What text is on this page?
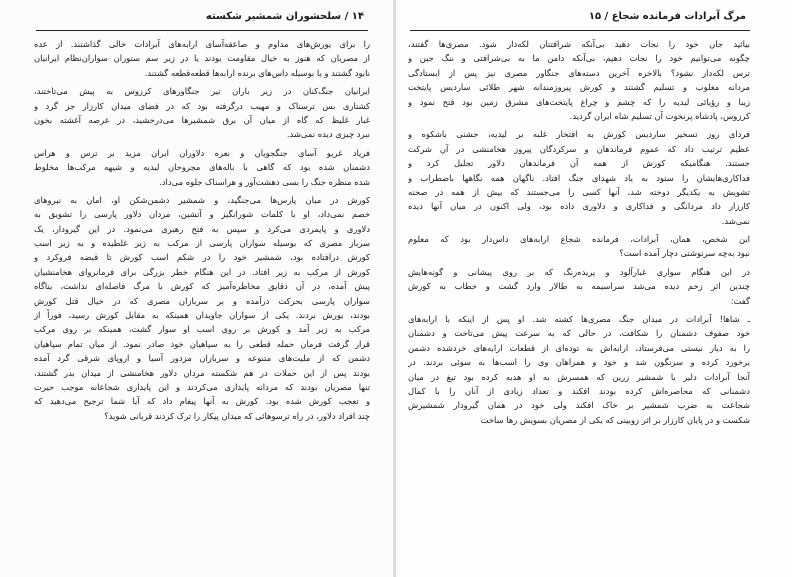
۱۴ / سلحشوران شمشیر شکسته
را برای یورش‌های مداوم و صاعقه‌آسای ارابه‌های آبرادات خالی گذاشتند. از عده
از مصریان که هنوز به خیال مقاومت بودند یا در زیر سم ستوران سواران‌نظام ایرانیان
نابود گشتند و یا بوسیله داس‌های برنده ارابه‌ها قطعه‌قطعه گشتند.
ایرانیان جنگ‌کنان در زیر باران تیر جنگاورهای کرزوس به پیش می‌تاختند،
کشتاری بس ترسناک و مهیب درگرفته بود که در فضای میدان کارزار جز گرد و
غبار غلیظ که گاه از میان آن برق شمشیرها می‌درخشید، در عرصه آغشته بخون
نبرد چیزی دیده نمی‌شد.
فریاد غریو آسای جنگجویان و نعره دلاوران ایران مزید بر ترس و هراس
دشمنان شده بود که گاهی با ناله‌های مجروحان لیدیه و شیهه مرکب‌ها مخلوط
شده منظره جنگ را بسی دهشت‌آور و هراسناک جلوه می‌داد.
کورش در میان پارس‌ها می‌جنگید، و شمشیر دشمن‌شکن او، امان به نیروهای
خصم نمی‌داد، او با کلمات شورانگیز و آتشین، مردان دلاور پارسی را تشویق به
دلاوری و پایمردی می‌کرد و سپس به فتح رهبری می‌نمود. در این گیرودار، یک
سرباز مصری که بوسیله سواران پارسی از مرکب به زیر غلطیده و به زیر اسب
کورش درافتاده بود، شمشیر خود را در شکم اسب کورش تا قبضه فروکرد و
کورش از مرکب به زیر افتاد. در این هنگام خطر بزرگی برای فرمانروای هخامنشیان
پیش آمده، در آن دقایق مخاطره‌آمیز که کورش با مرگ فاصله‌ای نداشت، بناگاه
سواران پارسی بحرکت درآمده و بر سربازان مصری که در خیال قتل کورش
بودند، یورش بردند. یکی از سواران جاویدان همینکه به مقابل کورش رسید، فوراً از
مرکب به زیر آمد و کورش بر روی اسب او سوار گشت، همینکه بر روی مرکب
قرار گرفت فرمان حمله قطعی را به سپاهیان خود صادر نمود. از میان تمام سپاهیان
دشمن که از ملیت‌های متنوعه و سربازان مزدور آسیا و اروپای شرقی گرد آمده
بودند پس از این حملات در هم شکسته مردان دلاور هخامنشی از میدان بدر گشتند،
تنها مصریان بودند که مردانه پایداری می‌کردند و این پایداری شجاعانه موجب حیرت
و تعجب کورش شده بود. کورش به آنها پیغام داد که آیا شما ترجیح می‌دهید که
چند افراد دلاور، در راه ترسوهائی که میدان پیکار را ترک کردند قربانی شوید؟
مرگ آبرادات فرمانده شجاع / ۱۵
بیائید جان خود را نجات دهید بی‌آنکه شرافتتان لکه‌دار شود. مصری‌ها گفتند،
چگونه می‌توانیم خود را نجات دهیم، بی‌آنکه دامن ما به بی‌شرافتی و ننگ جبن و
ترس لکه‌دار نشود؟ بالاخره آخرین دسته‌های جنگاور مصری نیز پس از ایستادگی
مردانه مغلوب و تسلیم گشتند و کورش پیروزمندانه شهر طلائی ساردیس پایتخت
زیبا و رؤیائی لیدیه را که چشم و چراغ پایتخت‌های مشرق زمین بود فتح نمود و
کرزوس، پادشاه پرنخوت آن تسلیم شاه ایران گردید.
فردای روز تسخیر ساردیس کورش به افتخار غلبه بر لیدیه، جشنی باشکوه و
عظیم ترتیب داد که عموم فرماندهان و سرکردگان پیروز هخامنشی در آن شرکت
جستند. هنگامیکه کورش از همه آن فرماندهان دلاور تجلیل کرد و
فداکاری‌هایشان را ستود به یاد شهدای جنگ افتاد. ناگهان همه نگاهها باضطراب و
تشویش به یکدیگر دوخته شد، آنها کسی را می‌جستند که بیش از همه در صحنه
کارزار داد مردانگی و فداکاری و دلاوری داده بود، ولی اکنون در میان آنها دیده
نمی‌شد.
این شخص، همان، آبرادات، فرمانده شجاع ارابه‌های داس‌دار بود که معلوم
نبود به‌چه سرنوشتی دچار آمده است؟
در این هنگام سواری غبارآلود و پریده‌رنگ که بر روی پیشانی و گونه‌هایش
چندین اثر زخم دیده می‌شد سراسیمه به طالار وارد گشت و خطاب به کورش
گفت:
ـ شاها! آبرادات در میدان جنگ مصری‌ها کشته شد. او پس از اینکه با ارابه‌های
خود صفوف دشمنان را شکافت، در حالی که به سرعت پیش می‌تاخت و دشمنان
را به دیار نیستی می‌فرستاد، ارابه‌اش به توده‌ای از قطعات ارابه‌های خردشده دشمن
برخورد کرده و سرنگون شد و خود و همراهان وی را اسب‌ها به سوئی بردند. در
آنجا آبرادات دلیر با شمشیر زرین که همسرش به او هدیه کرده بود تیغ در میان
دشمنانی که محاصره‌اش کرده بودند افکند و تعداد زیادی از آنان را با کمال
شجاعت به ضرب شمشیر بر خاک افکند ولی خود در همان گیرودار شمشیرش
شکست و در پایان کارزار بر اثر زوبینی که یکی از مصریان بسویش رها ساخت
